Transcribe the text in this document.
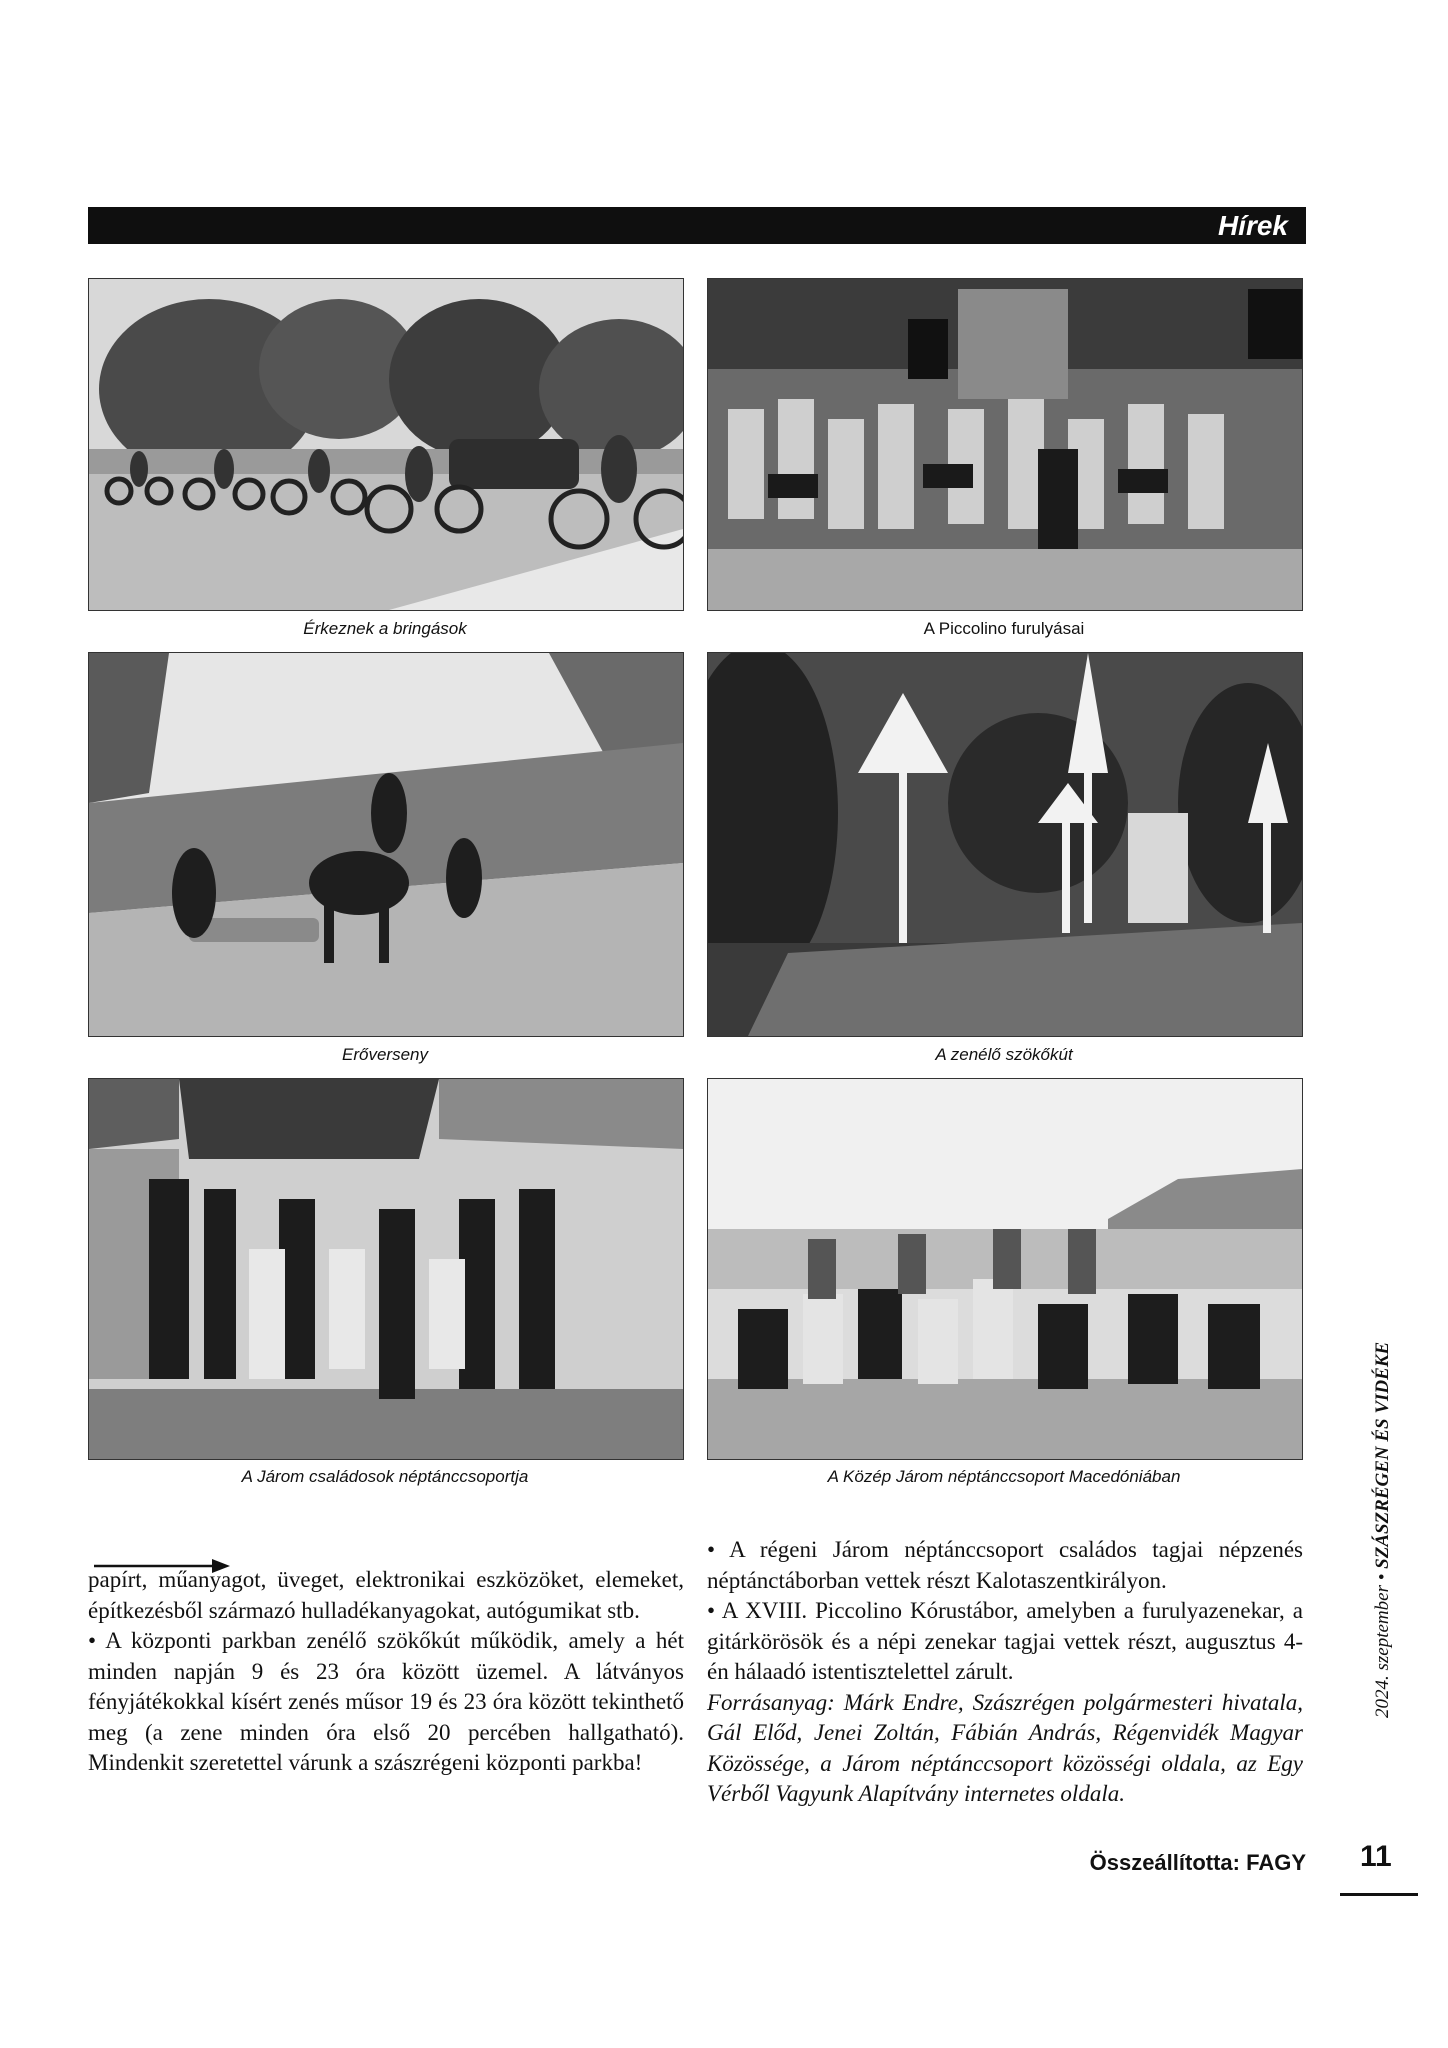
Hírek
Érkeznek a bringások	A Piccolino furulyásai
Erőverseny	A zenélő szökőkút
A Járom családosok néptánccsoportja	A Közép Járom néptánccsoport Macedóniában

papírt, műanyagot, üveget, elektronikai eszközöket, elemeket, építkezésből származó hulladékanyagokat, autógumikat stb.

• A központi parkban zenélő szökőkút működik, amely a hét minden napján 9 és 23 óra között üzemel. A látványos fényjátékokkal kísért zenés műsor 19 és 23 óra között tekinthető meg (a zene minden óra első 20 percében hallgatható). Mindenkit szeretettel várunk a szászrégeni központi parkba!

• A régeni Járom néptánccsoport családos tagjai népzenés néptánctáborban vettek részt Kalotaszentkirályon.

• A XVIII. Piccolino Kórustábor, amelyben a furulyazenekar, a gitárkörösök és a népi zenekar tagjai vettek részt, augusztus 4-én hálaadó istentisztelettel zárult.

Forrásanyag: Márk Endre, Szászrégen polgármesteri hivatala, Gál Előd, Jenei Zoltán, Fábián András, Régenvidék Magyar Közössége, a Járom néptánccsoport közösségi oldala, az Egy Vérből Vagyunk Alapítvány internetes oldala.

Összeállította: FAGY
2024. szeptember • SZÁSZRÉGEN ÉS VIDÉKE
11
